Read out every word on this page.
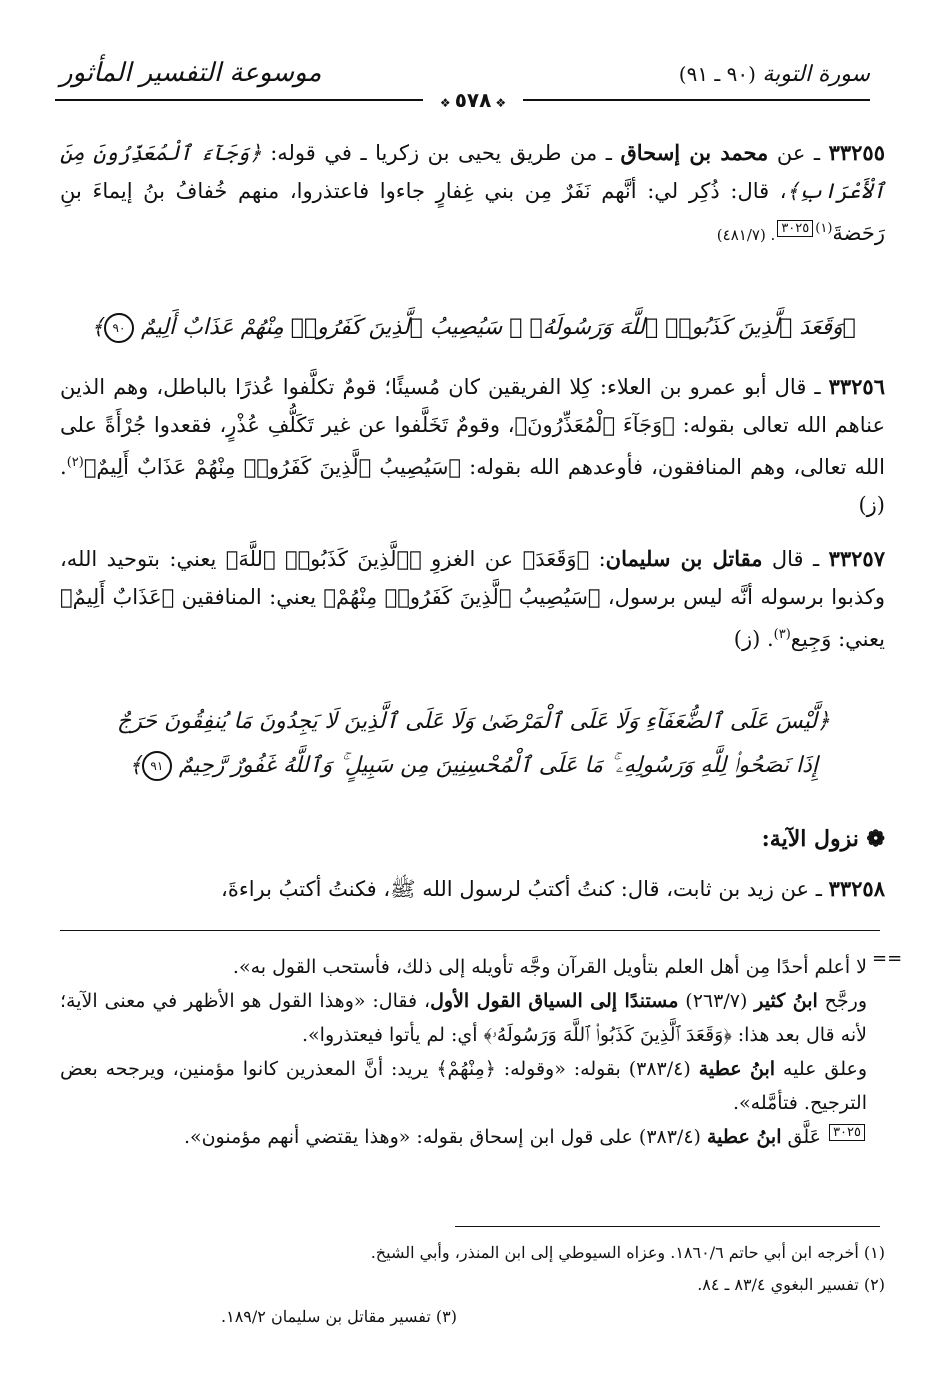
موسوعة التفسير المأثور	سورة التوبة (٩٠ ـ ٩١)
❖ ٥٧٨ ❖
٣٣٢٥٥ ـ عن محمد بن إسحاق ـ من طريق يحيى بن زكريا ـ في قوله: ﴿وَجَآءَ ٱلْمُعَذِّرُونَ مِنَ ٱلْأَعْرَابِ﴾، قال: ذُكِر لي: أنَّهم نَفَرٌ مِن بني غِفارٍ جاءوا فاعتذروا، منهم خُفافُ بنُ إيماءَ بنِ رَحَضةَ$^{(١)}$٣٠٢٥. (٤٨١/٧)
﴿وَقَعَدَ ٱلَّذِينَ كَذَبُوا۟ ٱللَّهَ وَرَسُولَهُۥ ۚ سَيُصِيبُ ٱلَّذِينَ كَفَرُوا۟ مِنْهُمْ عَذَابٌ أَلِيمٌ ٩٠﴾
٣٣٢٥٦ ـ قال أبو عمرو بن العلاء: كِلا الفريقين كان مُسيئًا؛ قومٌ تكلَّفوا عُذرًا بالباطل، وهم الذين عناهم الله تعالى بقوله: ﴿وَجَآءَ ٱلْمُعَذِّرُونَ﴾، وقومٌ تَخَلَّفوا عن غير تَكَلُّفِ عُذْرٍ، فقعدوا جُرْأَةً على الله تعالى، وهم المنافقون، فأوعدهم الله بقوله: ﴿سَيُصِيبُ ٱلَّذِينَ كَفَرُوا۟ مِنْهُمْ عَذَابٌ أَلِيمٌ﴾$^{(٢)}$. (ز)
٣٣٢٥٧ ـ قال مقاتل بن سليمان: ﴿وَقَعَدَ﴾ عن الغزوِ ﴿ٱلَّذِينَ كَذَبُوا۟ ٱللَّهَ﴾ يعني: بتوحيد الله، وكذبوا برسوله أنَّه ليس برسول، ﴿سَيُصِيبُ ٱلَّذِينَ كَفَرُوا۟ مِنْهُمْ﴾ يعني: المنافقين ﴿عَذَابٌ أَلِيمٌ﴾ يعني: وَجِيع$^{(٣)}$. (ز)
﴿لَّيْسَ عَلَى ٱلضُّعَفَآءِ وَلَا عَلَى ٱلْمَرْضَىٰ وَلَا عَلَى ٱلَّذِينَ لَا يَجِدُونَ مَا يُنفِقُونَ حَرَجٌ
إِذَا نَصَحُوا۟ لِلَّهِ وَرَسُولِهِۦ ۚ مَا عَلَى ٱلْمُحْسِنِينَ مِن سَبِيلٍ ۚ وَٱللَّهُ غَفُورٌ رَّحِيمٌ ٩١﴾
❁ نزول الآية:
٣٣٢٥٨ ـ عن زيد بن ثابت، قال: كنتُ أكتبُ لرسول الله ﷺ، فكنتُ أكتبُ براءةَ،
==
لا أعلم أحدًا مِن أهل العلم بتأويل القرآن وجَّه تأويله إلى ذلك، فأستحب القول به».
ورجَّح ابنُ كثير (٢٦٣/٧) مستندًا إلى السياق القول الأول، فقال: «وهذا القول هو الأظهر في معنى الآية؛ لأنه قال بعد هذا: ﴿وَقَعَدَ ٱلَّذِينَ كَذَبُوا۟ ٱللَّهَ وَرَسُولَهُۥ﴾ أي: لم يأتوا فيعتذروا».
وعلق عليه ابنُ عطية (٣٨٣/٤) بقوله: «وقوله: ﴿مِنْهُمْ﴾ يريد: أنَّ المعذرين كانوا مؤمنين، ويرجحه بعض الترجيح. فتأمَّله».
٣٠٢٥ عَلَّق ابنُ عطية (٣٨٣/٤) على قول ابن إسحاق بقوله: «وهذا يقتضي أنهم مؤمنون».
(١) أخرجه ابن أبي حاتم ١٨٦٠/٦. وعزاه السيوطي إلى ابن المنذر، وأبي الشيخ.
(٢) تفسير البغوي ٨٣/٤ ـ ٨٤.
(٣) تفسير مقاتل بن سليمان ١٨٩/٢.
